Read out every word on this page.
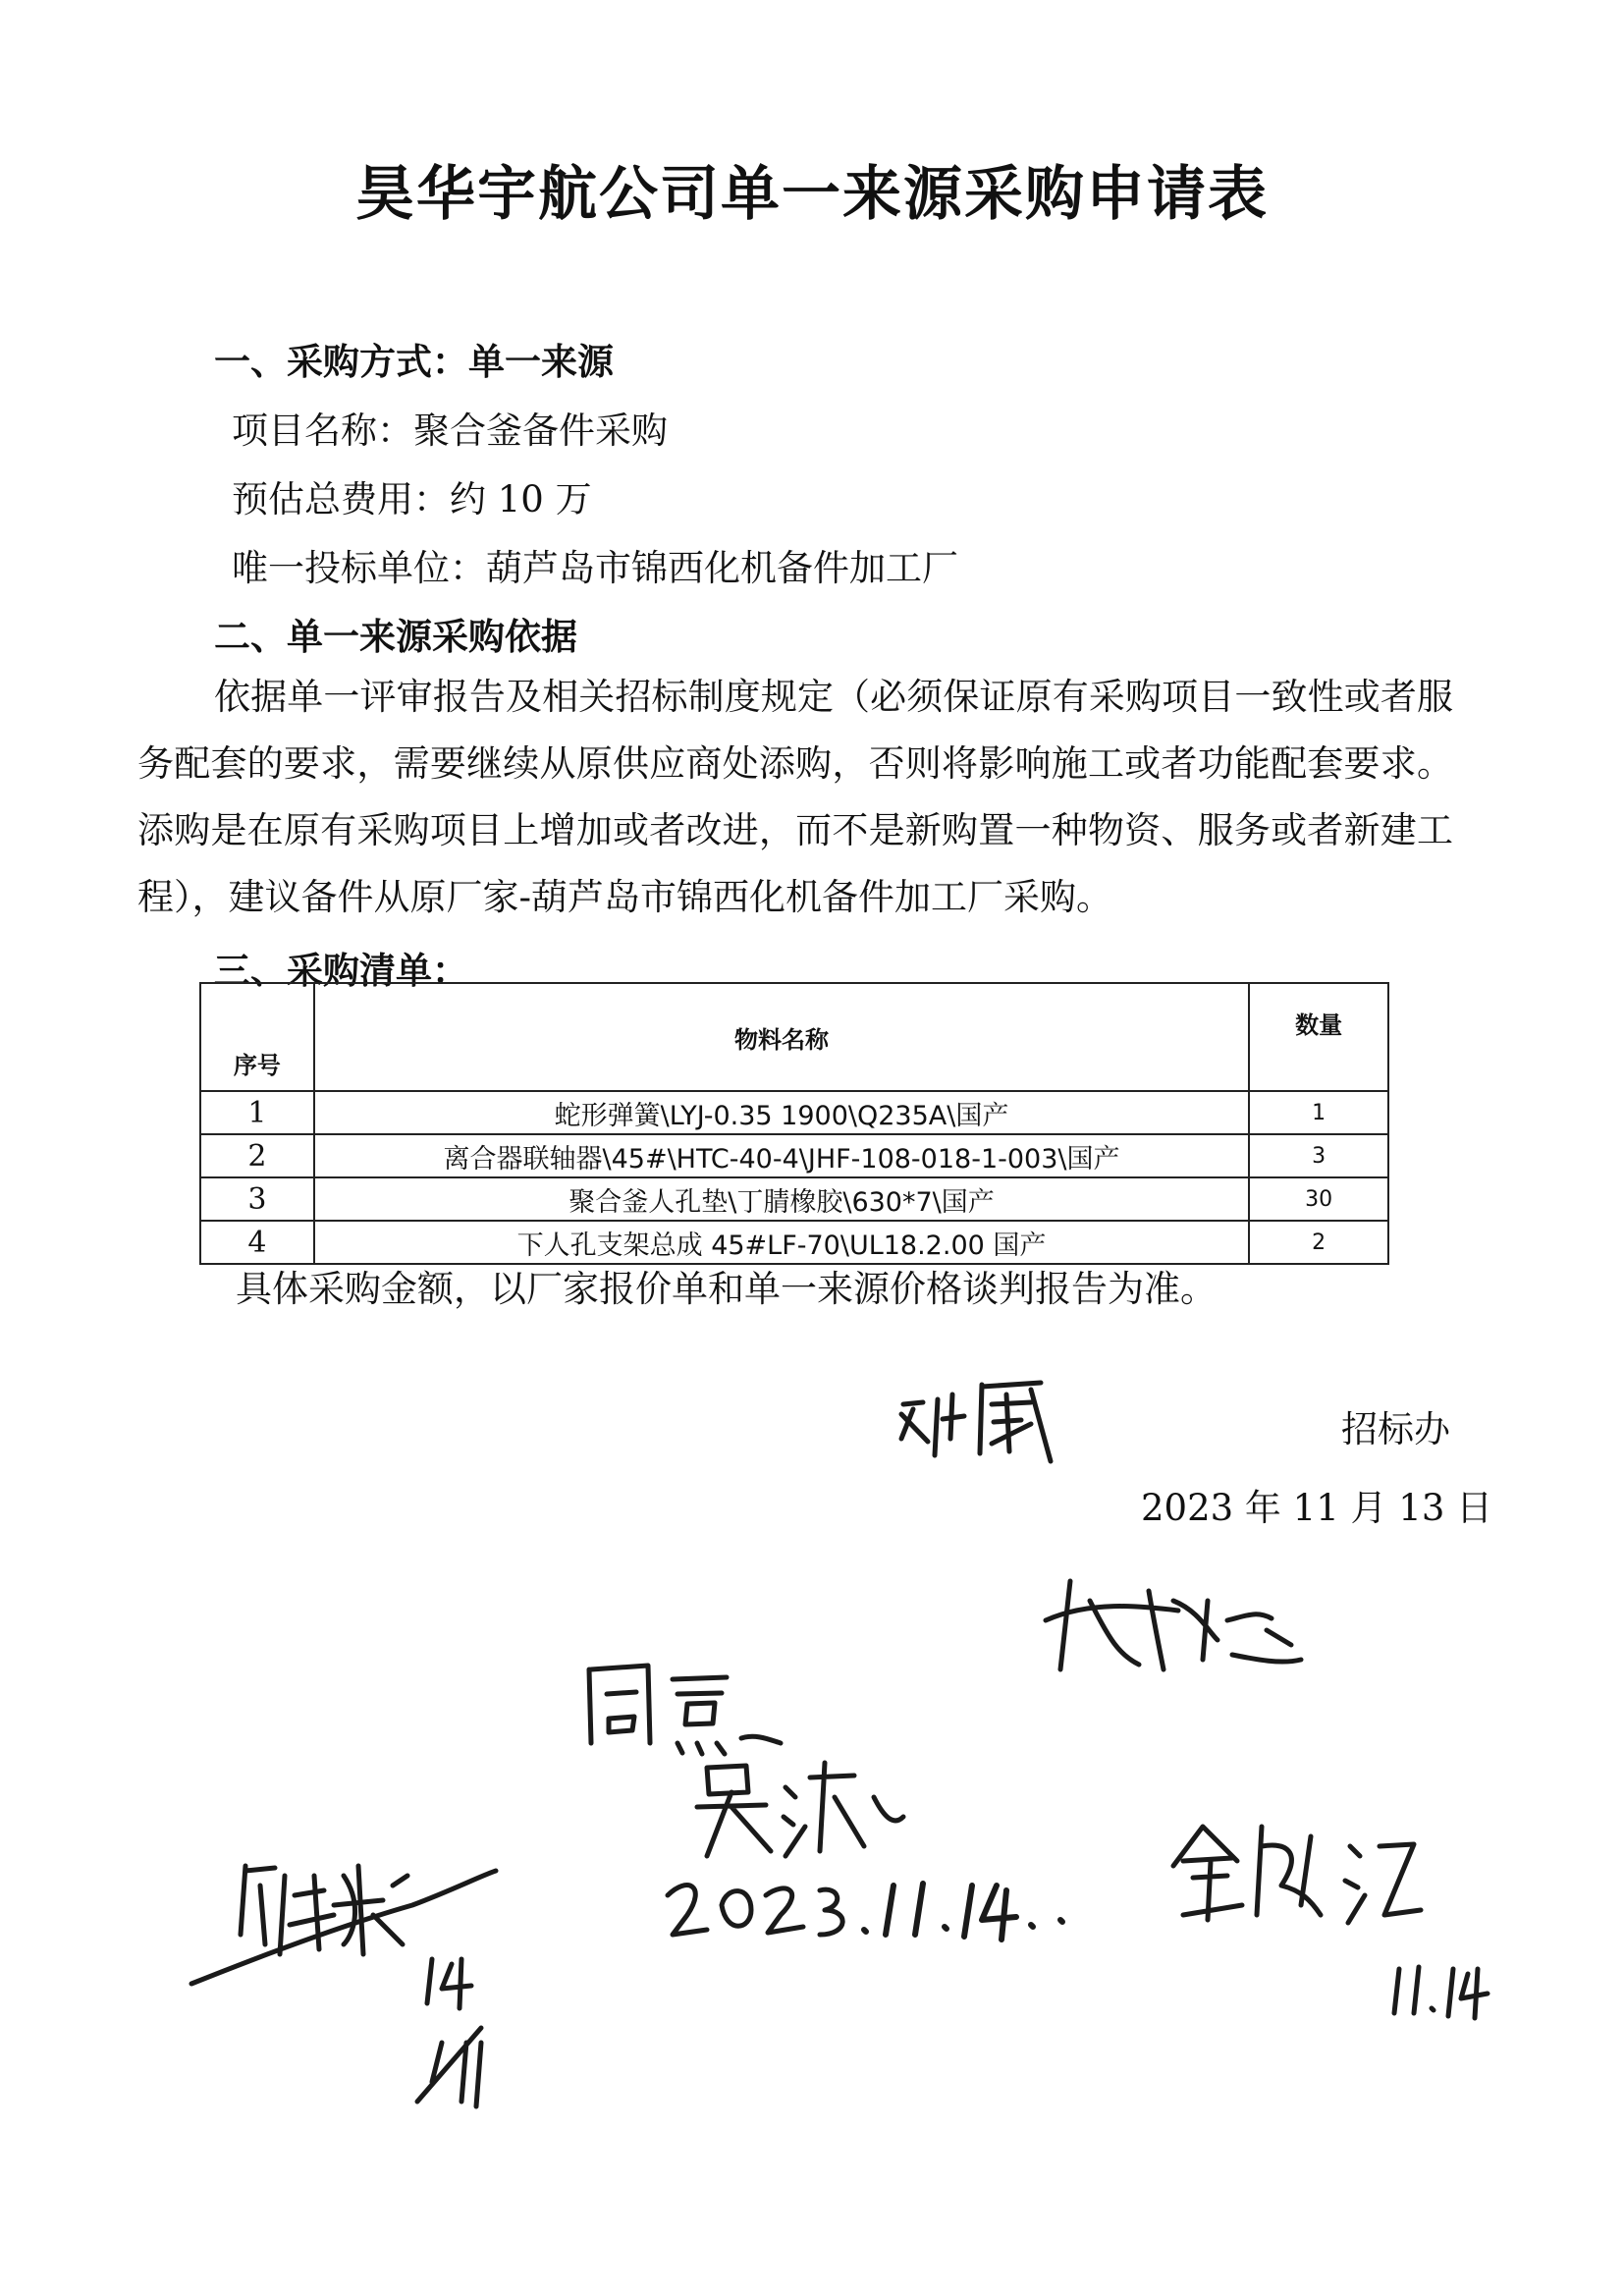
昊华宇航公司单一来源采购申请表
一、采购方式：单一来源
项目名称：聚合釜备件采购
预估总费用：约 10 万
唯一投标单位：葫芦岛市锦西化机备件加工厂
二、单一来源采购依据
依据单一评审报告及相关招标制度规定（必须保证原有采购项目一致性或者服务配套的要求，需要继续从原供应商处添购，否则将影响施工或者功能配套要求。添购是在原有采购项目上增加或者改进，而不是新购置一种物资、服务或者新建工程），建议备件从原厂家-葫芦岛市锦西化机备件加工厂采购。
三、采购清单：
序号	物料名称	数量
1	蛇形弹簧\LYJ-0.35 1900\Q235A\国产	1
2	离合器联轴器\45#\HTC-40-4\JHF-108-018-1-003\国产	3
3	聚合釜人孔垫\丁腈橡胶\630*7\国产	30
4	下人孔支架总成 45#LF-70\UL18.2.00 国产	2
具体采购金额，以厂家报价单和单一来源价格谈判报告为准。
招标办
2023 年 11 月 13 日
